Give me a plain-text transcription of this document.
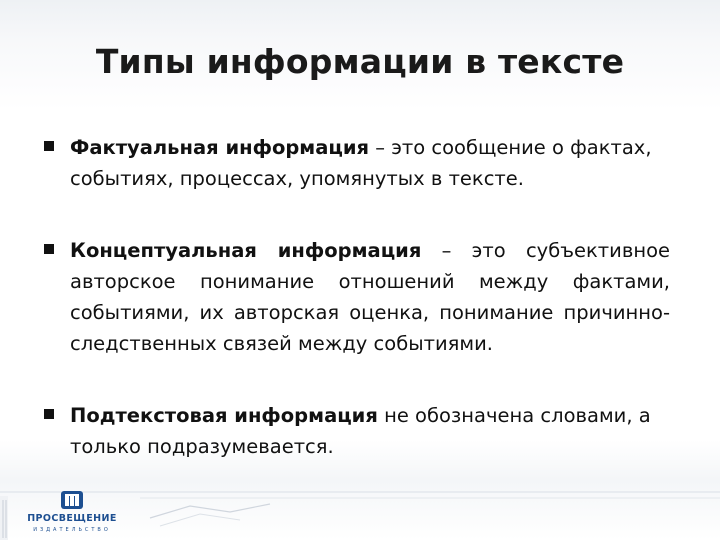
Типы информации в тексте
Фактуальная информация – это сообщение о фактах, событиях, процессах, упомянутых в тексте.
Концептуальная информация – это субъективное авторское понимание отношений между фактами, событиями, их авторская оценка, понимание причинно-следственных связей между событиями.
Подтекстовая информация не обозначена словами, а только подразумевается.
ПРОСВЕЩЕНИЕ
ИЗДАТЕЛЬСТВО
